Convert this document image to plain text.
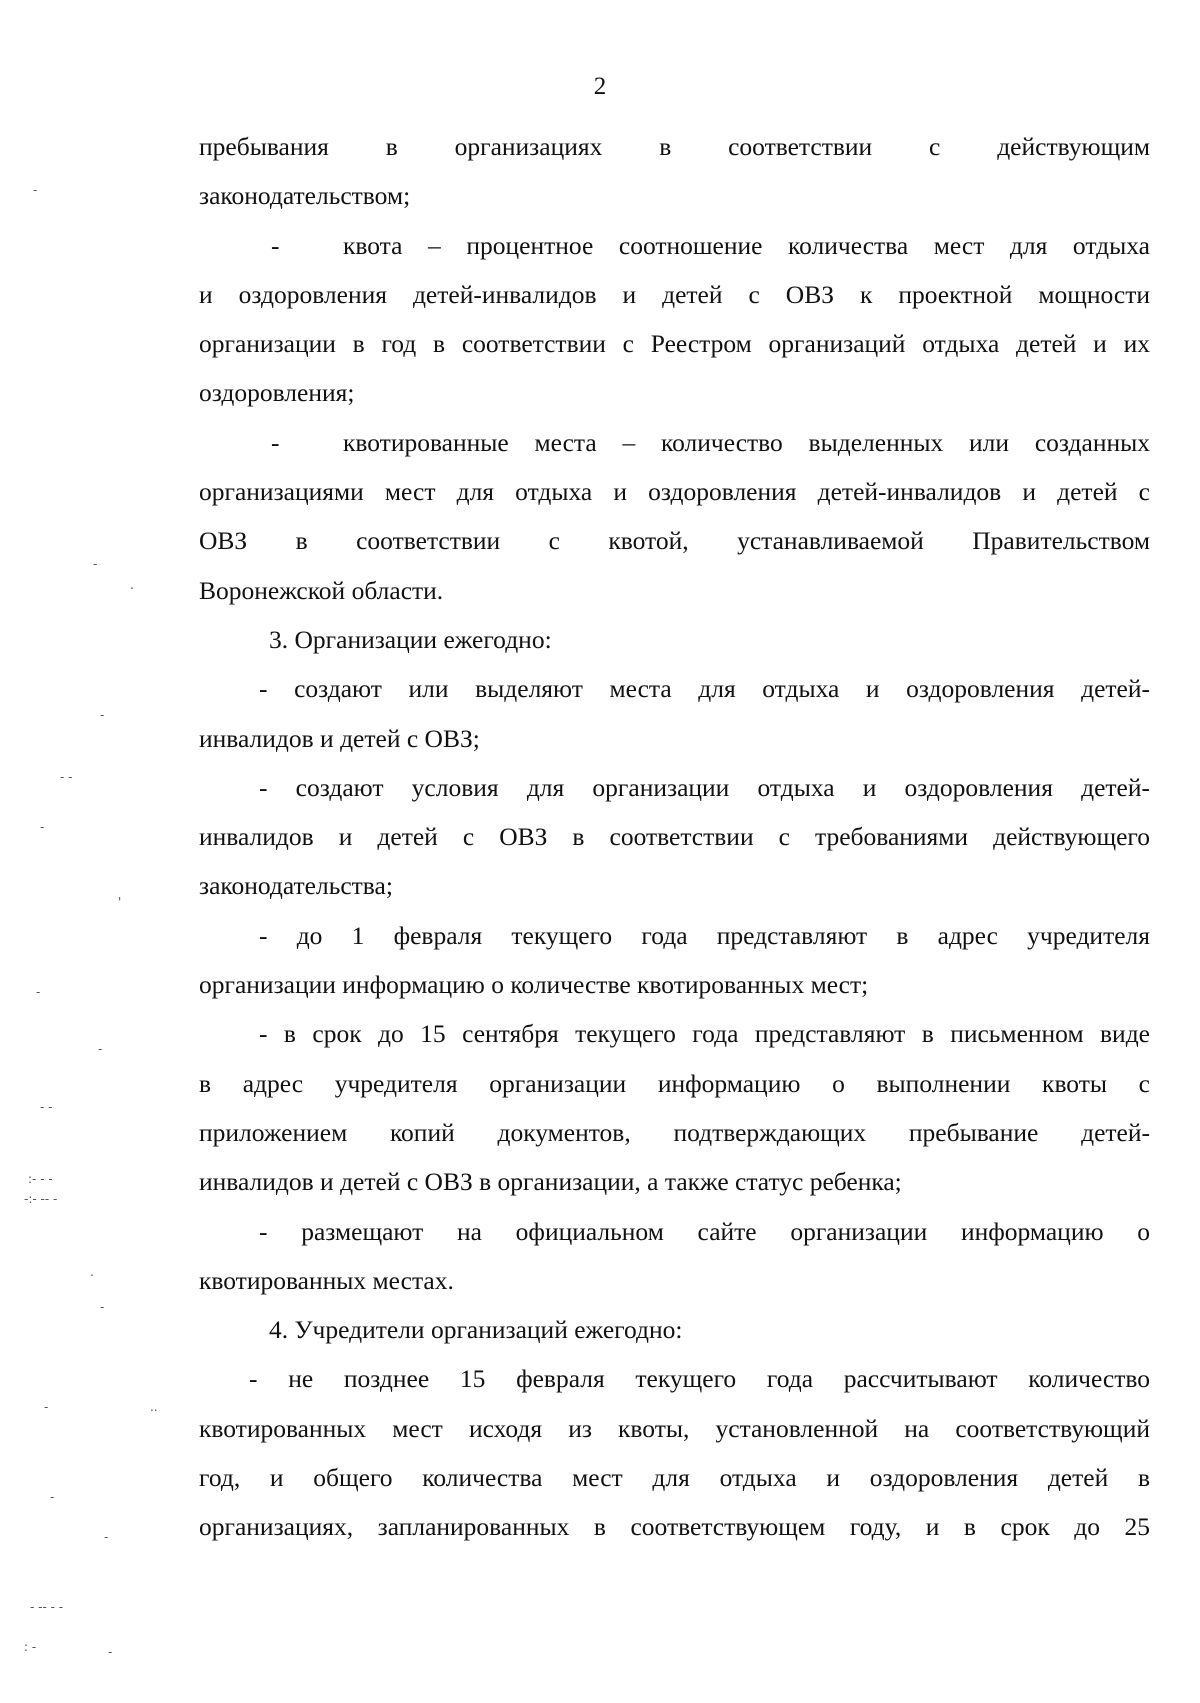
2
пребывания в организациях в соответствии с действующим
законодательством;
- квота – процентное соотношение количества мест для отдыха
и оздоровления детей-инвалидов и детей с ОВЗ к проектной мощности
организации в год в соответствии с Реестром организаций отдыха детей и их
оздоровления;
- квотированные места – количество выделенных или созданных
организациями мест для отдыха и оздоровления детей-инвалидов и детей с
ОВЗ в соответствии с квотой, устанавливаемой Правительством
Воронежской области.
3. Организации ежегодно:
- создают или выделяют места для отдыха и оздоровления детей-
инвалидов и детей с ОВЗ;
- создают условия для организации отдыха и оздоровления детей-
инвалидов и детей с ОВЗ в соответствии с требованиями действующего
законодательства;
- до 1 февраля текущего года представляют в адрес учредителя
организации информацию о количестве квотированных мест;
- в срок до 15 сентября текущего года представляют в письменном виде
в адрес учредителя организации информацию о выполнении квоты с
приложением копий документов, подтверждающих пребывание детей-
инвалидов и детей с ОВЗ в организации, а также статус ребенка;
- размещают на официальном сайте организации информацию о
квотированных местах.
4. Учредители организаций ежегодно:
- не позднее 15 февраля текущего года рассчитывают количество
квотированных мест исходя из квоты, установленной на соответствующий
год, и общего количества мест для отдыха и оздоровления детей в
организациях, запланированных в соответствующем году, и в срок до 25
-
-
.
-
- -
-
'
-
-
- -
:- - -
-:- -- -
.
-
-	..
-
-
- -- - -
: -	-
